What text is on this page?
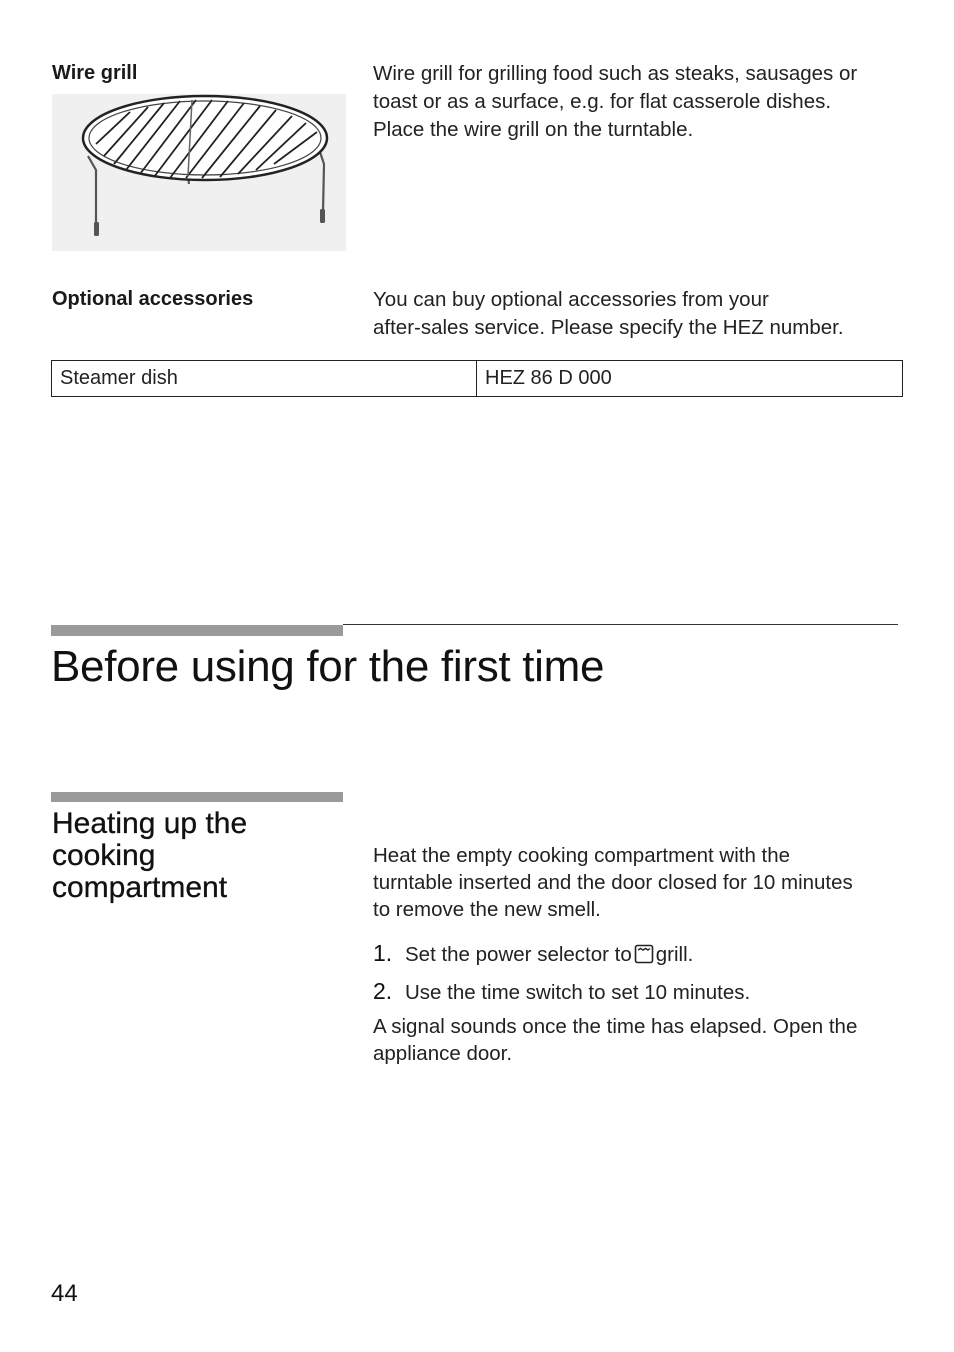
Wire grill	Wire grill for grilling food such as steaks, sausages or
toast or as a surface, e.g. for flat casserole dishes.
Place the wire grill on the turntable.
Optional accessories	You can buy optional accessories from your
after-sales service. Please specify the HEZ number.
Steamer dish	HEZ 86 D 000
Before using for the first time
Heating up the
cooking
compartment
Heat the empty cooking compartment with the
turntable inserted and the door closed for 10 minutes
to remove the new smell.
1. Set the power selector to grill.
2. Use the time switch to set 10 minutes.
A signal sounds once the time has elapsed. Open the
appliance door.
44
